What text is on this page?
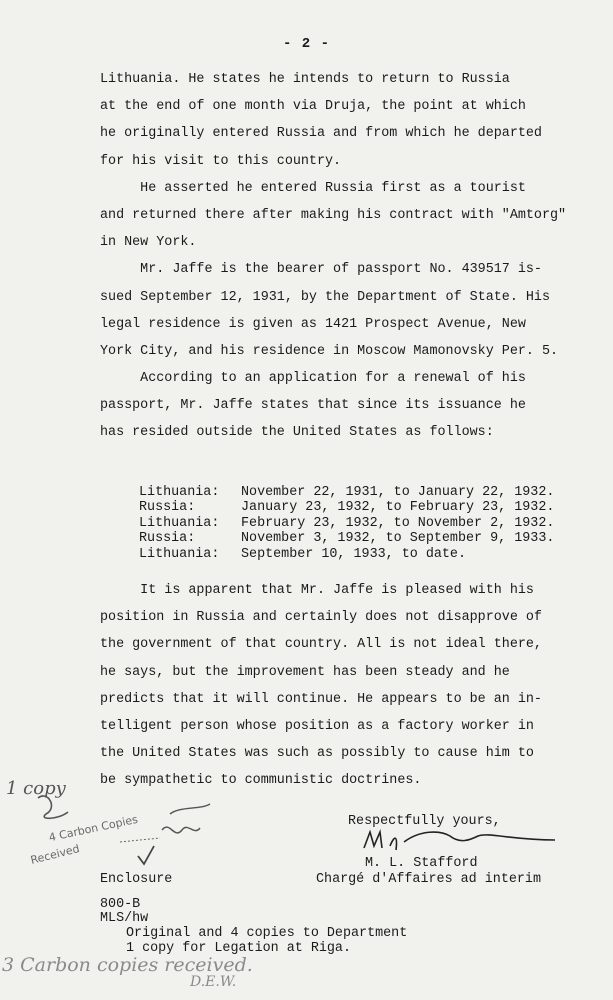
- 2 -
Lithuania. He states he intends to return to Russia
at the end of one month via Druja, the point at which
he originally entered Russia and from which he departed
for his visit to this country.
He asserted he entered Russia first as a tourist
and returned there after making his contract with "Amtorg"
in New York.
Mr. Jaffe is the bearer of passport No. 439517 is-
sued September 12, 1931, by the Department of State. His
legal residence is given as 1421 Prospect Avenue, New
York City, and his residence in Moscow Mamonovsky Per. 5.
According to an application for a renewal of his
passport, Mr. Jaffe states that since its issuance he
has resided outside the United States as follows:
Lithuania:	November 22, 1931, to January 22, 1932.
Russia:	January 23, 1932, to February 23, 1932.
Lithuania:	February 23, 1932, to November 2, 1932.
Russia:	November 3, 1932, to September 9, 1933.
Lithuania:	September 10, 1933, to date.
It is apparent that Mr. Jaffe is pleased with his
position in Russia and certainly does not disapprove of
the government of that country. All is not ideal there,
he says, but the improvement has been steady and he
predicts that it will continue. He appears to be an in-
telligent person whose position as a factory worker in
the United States was such as possibly to cause him to
be sympathetic to communistic doctrines.
1 copy
4 Carbon Copies
Received
Respectfully yours,
M. L. Stafford
Chargé d'Affaires ad interim
Enclosure
800-B
MLS/hw
Original and 4 copies to Department
1 copy for Legation at Riga.
3 Carbon copies received.
D.E.W.
